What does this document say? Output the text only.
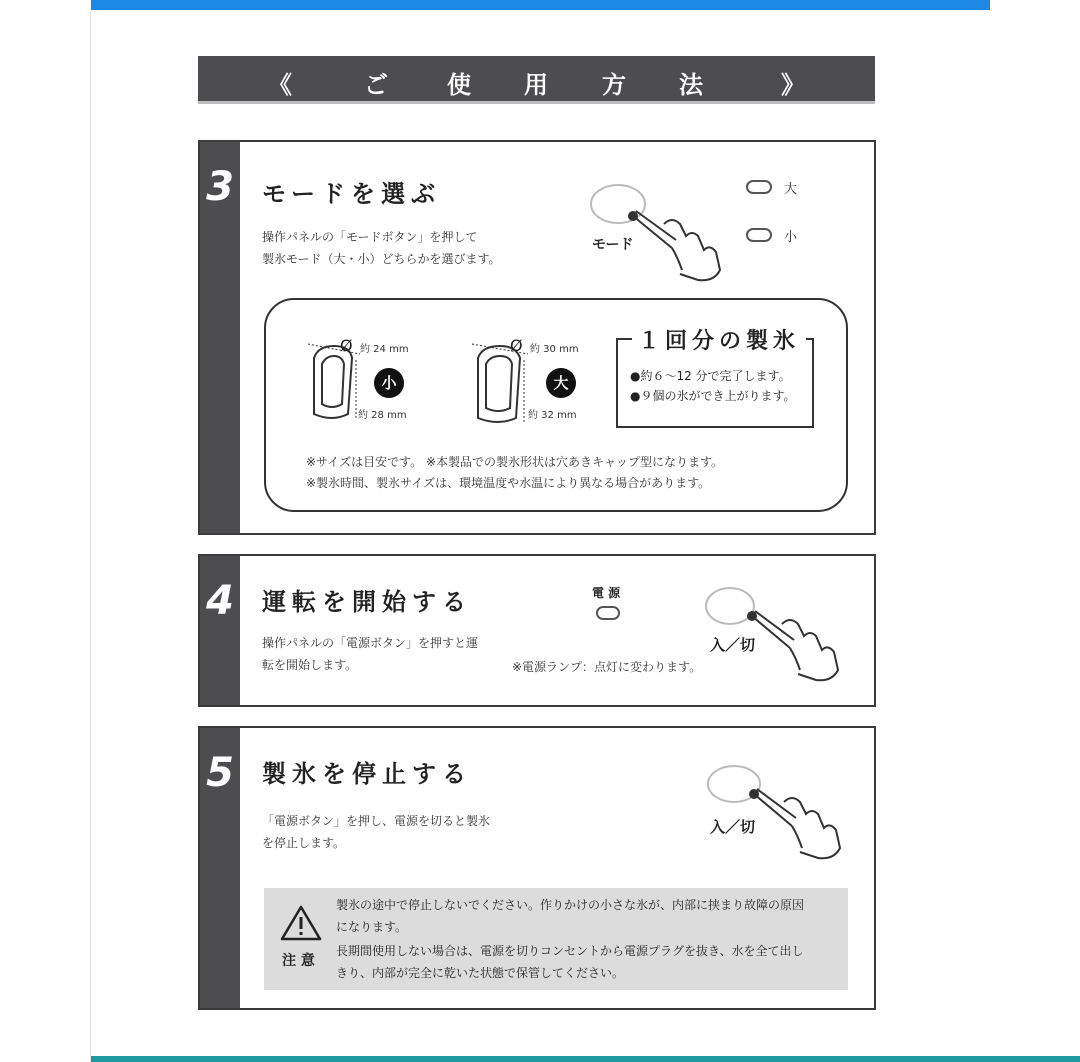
《	ご 使 用 方 法	》
3 モードを選ぶ
操作パネルの「モードボタン」を押して
製氷モード（大・小）どちらかを選びます。
モード
大
小
Ø 約 24 mm
小
約 28 mm
Ø 約 30 mm
大
約 32 mm
１回分の製氷
●約６～12 分で完了します。
●９個の氷ができ上がります。
※サイズは目安です。 ※本製品での製氷形状は穴あきキャップ型になります。
※製氷時間、製氷サイズは、環境温度や水温により異なる場合があります。
4 運転を開始する
操作パネルの「電源ボタン」を押すと運
転を開始します。
電 源
※電源ランプ：点灯に変わります。
入／切
5 製氷を停止する
「電源ボタン」を押し、電源を切ると製氷
を停止します。
入／切
注 意
製氷の途中で停止しないでください。作りかけの小さな氷が、内部に挟まり故障の原因
になります。
長期間使用しない場合は、電源を切りコンセントから電源プラグを抜き、水を全て出し
きり、内部が完全に乾いた状態で保管してください。
